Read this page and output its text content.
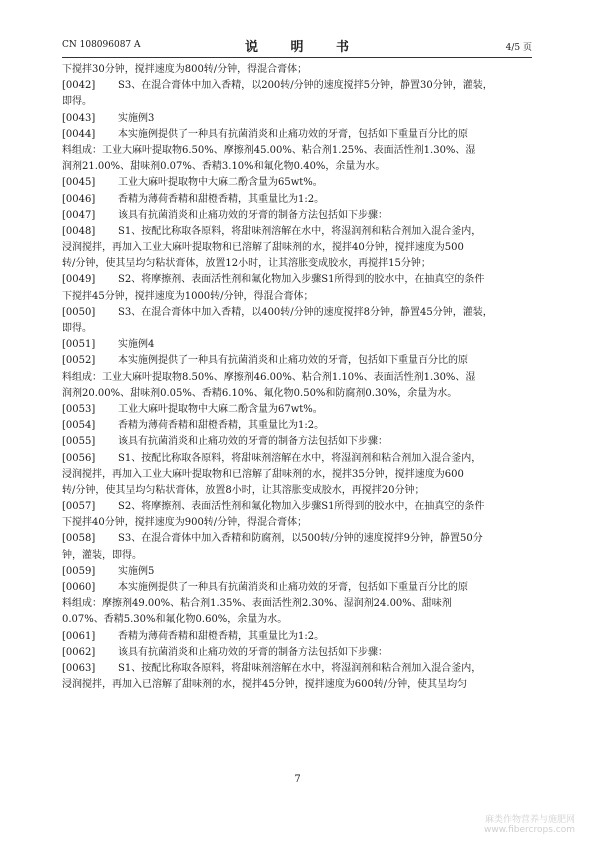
CN 108096087 A	说 明 书	4/5 页
下搅拌30分钟，搅拌速度为800转/分钟，得混合膏体；
[0042] S3、在混合膏体中加入香精，以200转/分钟的速度搅拌5分钟，静置30分钟，灌装，
即得。
[0043] 实施例3
[0044] 本实施例提供了一种具有抗菌消炎和止痛功效的牙膏，包括如下重量百分比的原
料组成：工业大麻叶提取物6.50%、摩擦剂45.00%、粘合剂1.25%、表面活性剂1.30%、湿
润剂21.00%、甜味剂0.07%、香精3.10%和氟化物0.40%，余量为水。
[0045] 工业大麻叶提取物中大麻二酚含量为65wt%。
[0046] 香精为薄荷香精和甜橙香精，其重量比为1:2。
[0047] 该具有抗菌消炎和止痛功效的牙膏的制备方法包括如下步骤：
[0048] S1、按配比称取各原料，将甜味剂溶解在水中，将湿润剂和粘合剂加入混合釜内，
浸润搅拌，再加入工业大麻叶提取物和已溶解了甜味剂的水，搅拌40分钟，搅拌速度为500
转/分钟，使其呈均匀粘状膏体，放置12小时，让其溶胀变成胶水，再搅拌15分钟；
[0049] S2、将摩擦剂、表面活性剂和氟化物加入步骤S1所得到的胶水中，在抽真空的条件
下搅拌45分钟，搅拌速度为1000转/分钟，得混合膏体；
[0050] S3、在混合膏体中加入香精，以400转/分钟的速度搅拌8分钟，静置45分钟，灌装，
即得。
[0051] 实施例4
[0052] 本实施例提供了一种具有抗菌消炎和止痛功效的牙膏，包括如下重量百分比的原
料组成：工业大麻叶提取物8.50%、摩擦剂46.00%、粘合剂1.10%、表面活性剂1.30%、湿
润剂20.00%、甜味剂0.05%、香精6.10%、氟化物0.50%和防腐剂0.30%，余量为水。
[0053] 工业大麻叶提取物中大麻二酚含量为67wt%。
[0054] 香精为薄荷香精和甜橙香精，其重量比为1:2。
[0055] 该具有抗菌消炎和止痛功效的牙膏的制备方法包括如下步骤：
[0056] S1、按配比称取各原料，将甜味剂溶解在水中，将湿润剂和粘合剂加入混合釜内，
浸润搅拌，再加入工业大麻叶提取物和已溶解了甜味剂的水，搅拌35分钟，搅拌速度为600
转/分钟，使其呈均匀粘状膏体，放置8小时，让其溶胀变成胶水，再搅拌20分钟；
[0057] S2、将摩擦剂、表面活性剂和氟化物加入步骤S1所得到的胶水中，在抽真空的条件
下搅拌40分钟，搅拌速度为900转/分钟，得混合膏体；
[0058] S3、在混合膏体中加入香精和防腐剂，以500转/分钟的速度搅拌9分钟，静置50分
钟，灌装，即得。
[0059] 实施例5
[0060] 本实施例提供了一种具有抗菌消炎和止痛功效的牙膏，包括如下重量百分比的原
料组成：摩擦剂49.00%、粘合剂1.35%、表面活性剂2.30%、湿润剂24.00%、甜味剂
0.07%、香精5.30%和氟化物0.60%，余量为水。
[0061] 香精为薄荷香精和甜橙香精，其重量比为1:2。
[0062] 该具有抗菌消炎和止痛功效的牙膏的制备方法包括如下步骤：
[0063] S1、按配比称取各原料，将甜味剂溶解在水中，将湿润剂和粘合剂加入混合釜内，
浸润搅拌，再加入已溶解了甜味剂的水，搅拌45分钟，搅拌速度为600转/分钟，使其呈均匀
7
麻类作物营养与施肥网
www.fibercrops.com
